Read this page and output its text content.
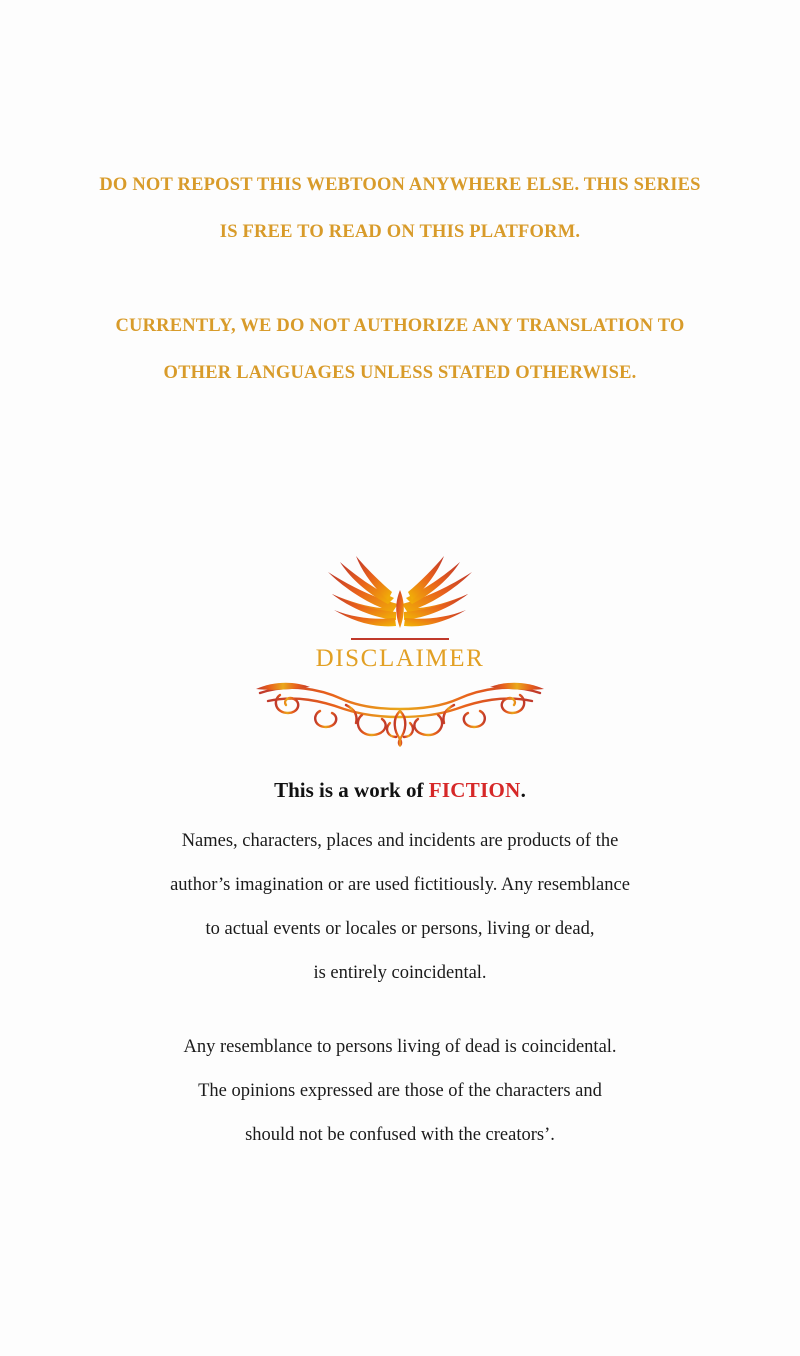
DO NOT REPOST THIS WEBTOON ANYWHERE ELSE. THIS SERIES

IS FREE TO READ ON THIS PLATFORM.

CURRENTLY, WE DO NOT AUTHORIZE ANY TRANSLATION TO

OTHER LANGUAGES UNLESS STATED OTHERWISE.

DISCLAIMER

This is a work of FICTION.

Names, characters, places and incidents are products of the

author’s imagination or are used fictitiously. Any resemblance

to actual events or locales or persons, living or dead,

is entirely coincidental.

Any resemblance to persons living of dead is coincidental.

The opinions expressed are those of the characters and

should not be confused with the creators’.
